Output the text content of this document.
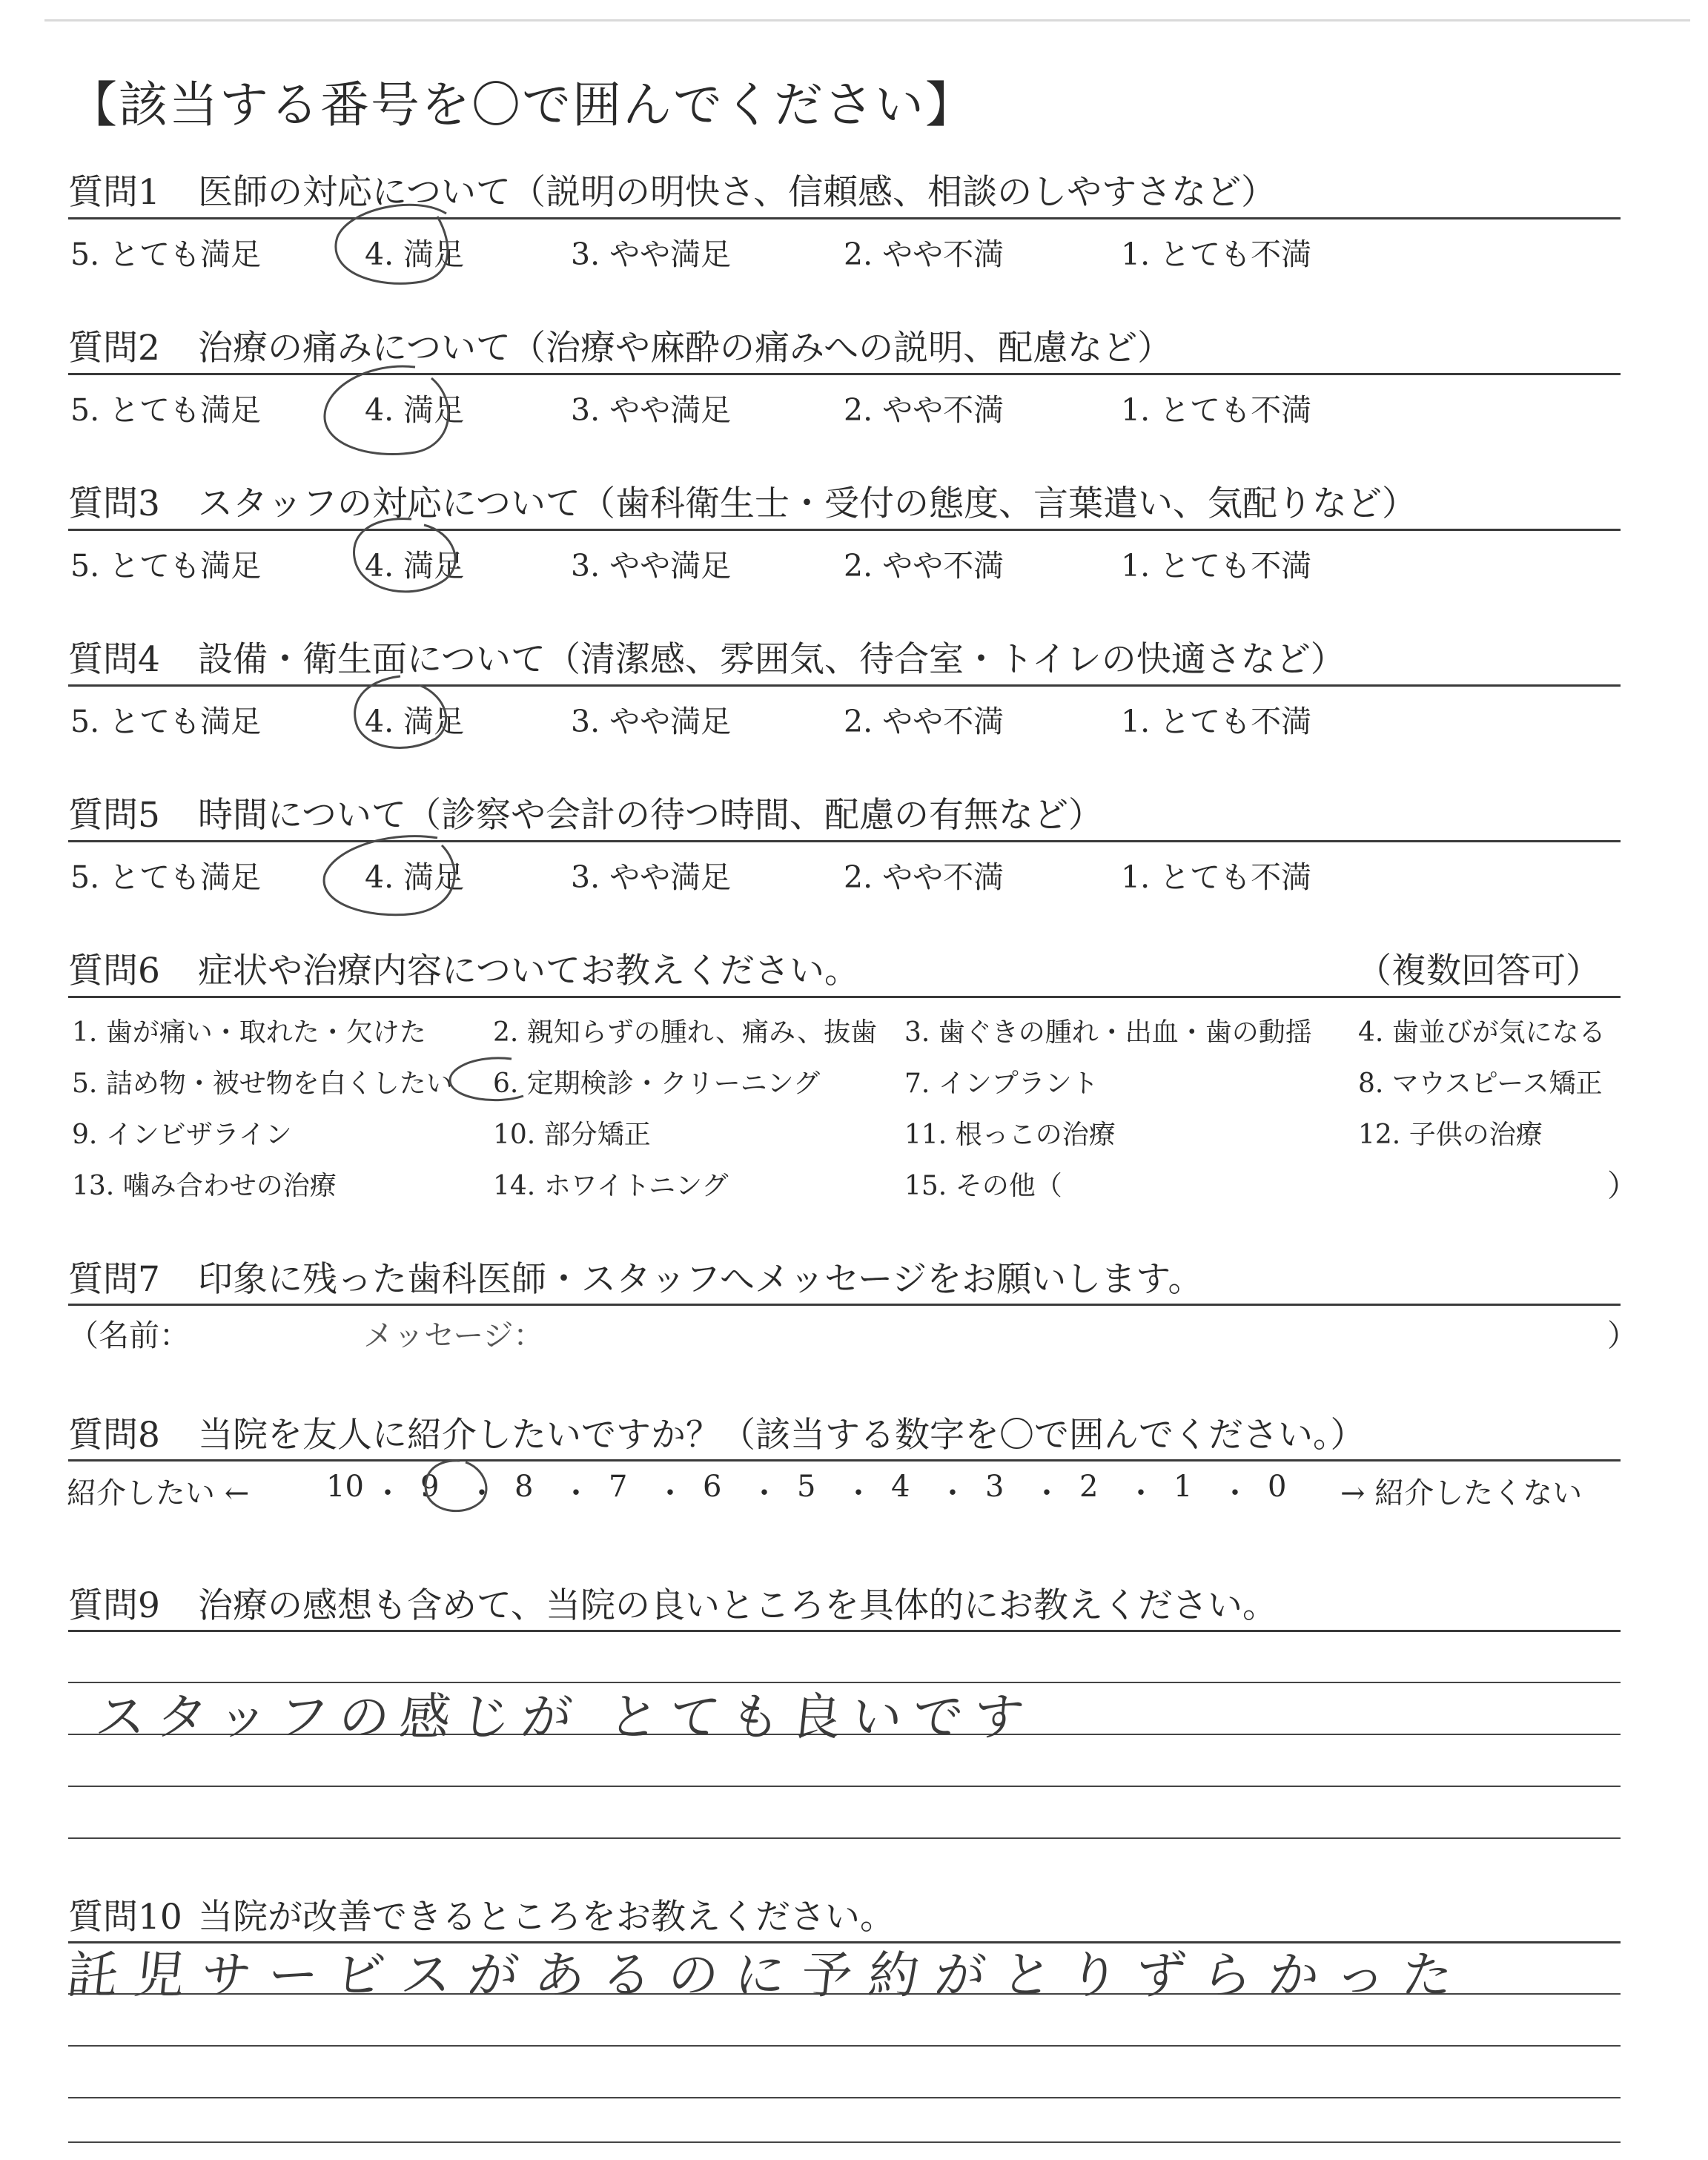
【該当する番号を〇で囲んでください】
質問1 医師の対応について（説明の明快さ、信頼感、相談のしやすさなど）
5. とても満足	4. 満足	3. やや満足	2. やや不満	1. とても不満
質問2 治療の痛みについて（治療や麻酔の痛みへの説明、配慮など）
5. とても満足	4. 満足	3. やや満足	2. やや不満	1. とても不満
質問3 スタッフの対応について（歯科衛生士・受付の態度、言葉遣い、気配りなど）
5. とても満足	4. 満足	3. やや満足	2. やや不満	1. とても不満
質問4 設備・衛生面について（清潔感、雰囲気、待合室・トイレの快適さなど）
5. とても満足	4. 満足	3. やや満足	2. やや不満	1. とても不満
質問5 時間について（診察や会計の待つ時間、配慮の有無など）
5. とても満足	4. 満足	3. やや満足	2. やや不満	1. とても不満
質問6 症状や治療内容についてお教えください。	（複数回答可）
1. 歯が痛い・取れた・欠けた	2. 親知らずの腫れ、痛み、抜歯 3. 歯ぐきの腫れ・出血・歯の動揺 4. 歯並びが気になる
5. 詰め物・被せ物を白くしたい 6. 定期検診・クリーニング	7. インプラント	8. マウスピース矯正
9. インビザライン	10. 部分矯正	11. 根っこの治療	12. 子供の治療
13. 噛み合わせの治療	14. ホワイトニング	15. その他（	）
質問7 印象に残った歯科医師・スタッフへメッセージをお願いします。
（名前：	メッセージ：	）
質問8 当院を友人に紹介したいですか？（該当する数字を〇で囲んでください。）
紹介したい ←	10 ・ 9 ・ 8 ・ 7 ・ 6 ・ 5 ・ 4 ・ 3 ・ 2 ・ 1 ・ 0 → 紹介したくない
質問9 治療の感想も含めて、当院の良いところを具体的にお教えください。
スタッフの感じが とても良いです
質問10 当院が改善できるところをお教えください。
託児サービスがあるのに予約がとりずらかった
